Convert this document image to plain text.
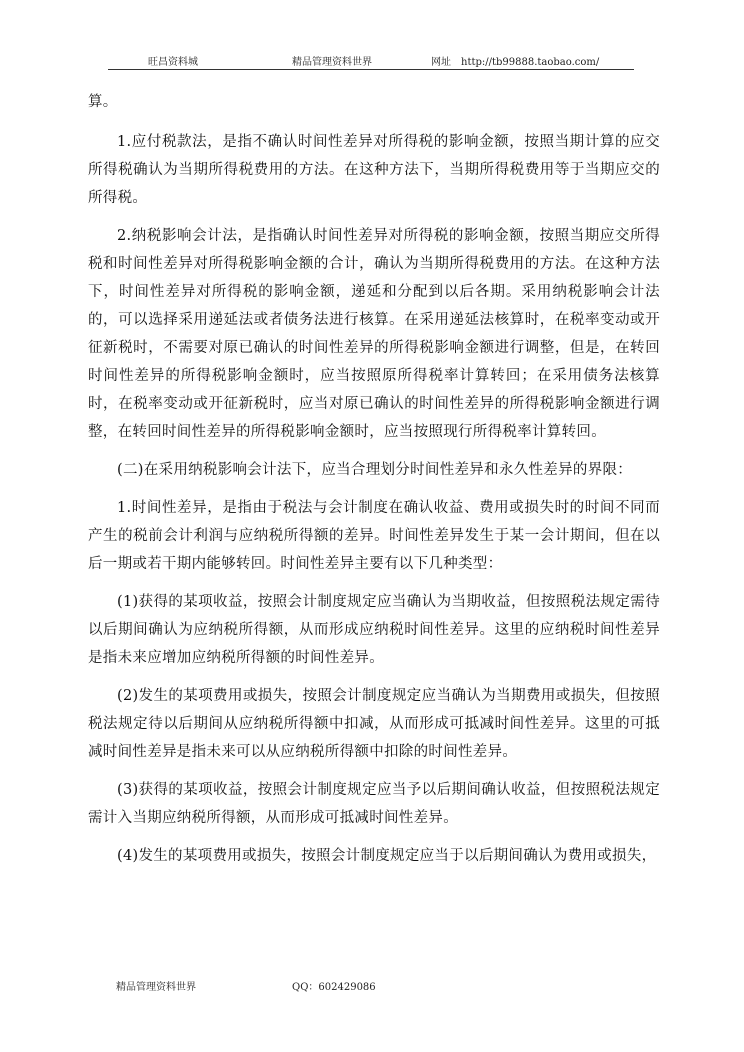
旺昌资料城	精品管理资料世界	网址　http://tb99888.taobao.com/

算。

1.应付税款法，是指不确认时间性差异对所得税的影响金额，按照当期计算的应交所得税确认为当期所得税费用的方法。在这种方法下，当期所得税费用等于当期应交的所得税。

2.纳税影响会计法，是指确认时间性差异对所得税的影响金额，按照当期应交所得税和时间性差异对所得税影响金额的合计，确认为当期所得税费用的方法。在这种方法下，时间性差异对所得税的影响金额，递延和分配到以后各期。采用纳税影响会计法的，可以选择采用递延法或者债务法进行核算。在采用递延法核算时，在税率变动或开征新税时，不需要对原已确认的时间性差异的所得税影响金额进行调整，但是，在转回时间性差异的所得税影响金额时，应当按照原所得税率计算转回；在采用债务法核算时，在税率变动或开征新税时，应当对原已确认的时间性差异的所得税影响金额进行调整，在转回时间性差异的所得税影响金额时，应当按照现行所得税率计算转回。

(二)在采用纳税影响会计法下，应当合理划分时间性差异和永久性差异的界限：

1.时间性差异，是指由于税法与会计制度在确认收益、费用或损失时的时间不同而产生的税前会计利润与应纳税所得额的差异。时间性差异发生于某一会计期间，但在以后一期或若干期内能够转回。时间性差异主要有以下几种类型：

(1)获得的某项收益，按照会计制度规定应当确认为当期收益，但按照税法规定需待以后期间确认为应纳税所得额，从而形成应纳税时间性差异。这里的应纳税时间性差异是指未来应增加应纳税所得额的时间性差异。

(2)发生的某项费用或损失，按照会计制度规定应当确认为当期费用或损失，但按照税法规定待以后期间从应纳税所得额中扣减，从而形成可抵减时间性差异。这里的可抵减时间性差异是指未来可以从应纳税所得额中扣除的时间性差异。

(3)获得的某项收益，按照会计制度规定应当予以后期间确认收益，但按照税法规定需计入当期应纳税所得额，从而形成可抵减时间性差异。

(4)发生的某项费用或损失，按照会计制度规定应当于以后期间确认为费用或损失，

精品管理资料世界	QQ：602429086
